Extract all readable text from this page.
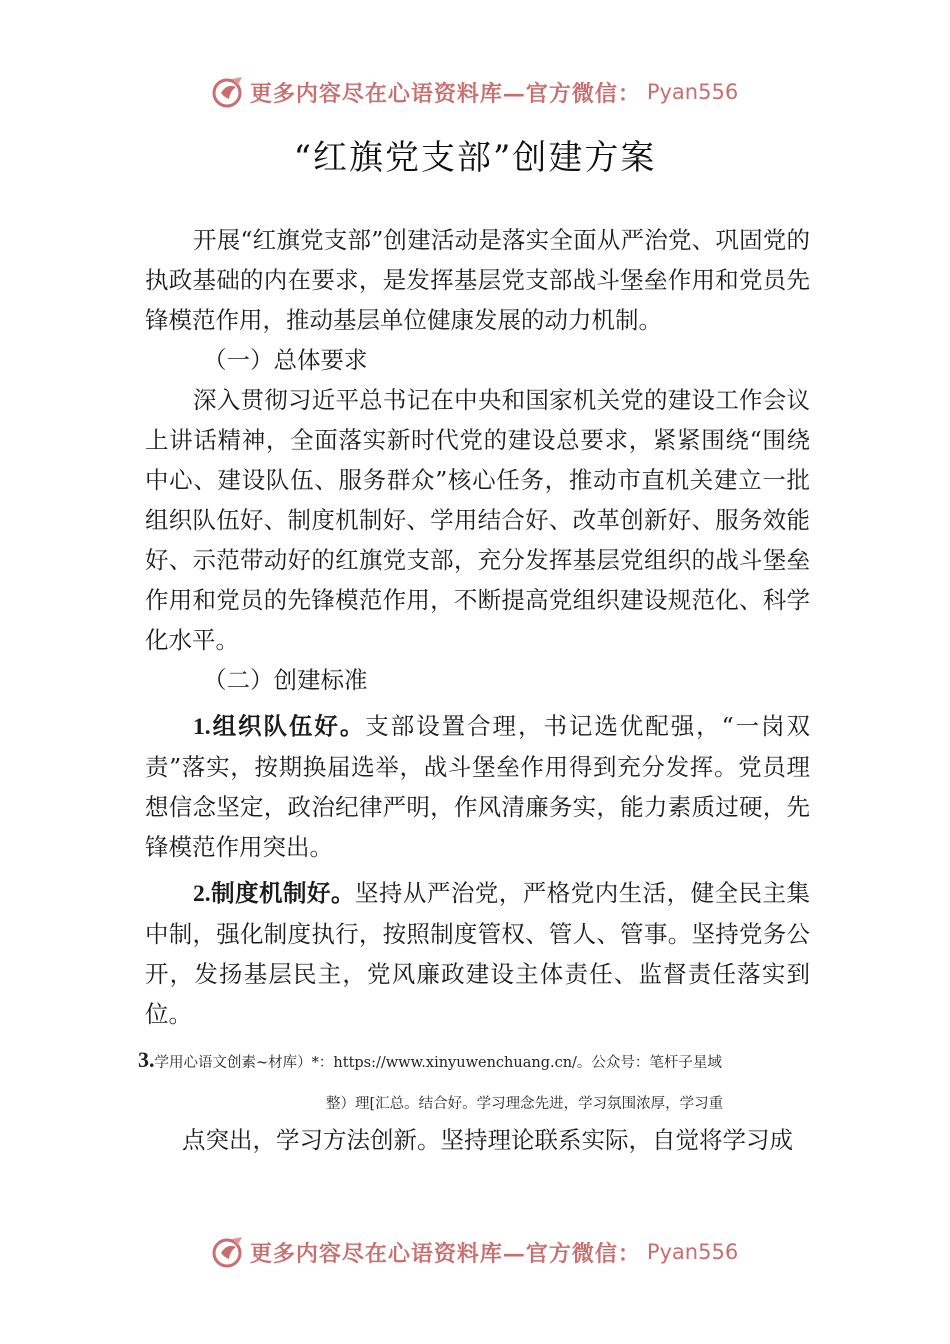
更多内容尽在心语资料库—官方微信： Pyan556
“红旗党支部”创建方案

开展“红旗党支部”创建活动是落实全面从严治党、巩固党的执政基础的内在要求，是发挥基层党支部战斗堡垒作用和党员先锋模范作用，推动基层单位健康发展的动力机制。

（一）总体要求

深入贯彻习近平总书记在中央和国家机关党的建设工作会议上讲话精神，全面落实新时代党的建设总要求，紧紧围绕“围绕中心、建设队伍、服务群众”核心任务，推动市直机关建立一批组织队伍好、制度机制好、学用结合好、改革创新好、服务效能好、示范带动好的红旗党支部，充分发挥基层党组织的战斗堡垒作用和党员的先锋模范作用，不断提高党组织建设规范化、科学化水平。

（二）创建标准

1.组织队伍好。支部设置合理，书记选优配强，“一岗双责”落实，按期换届选举，战斗堡垒作用得到充分发挥。党员理想信念坚定，政治纪律严明，作风清廉务实，能力素质过硬，先锋模范作用突出。

2.制度机制好。坚持从严治党，严格党内生活，健全民主集中制，强化制度执行，按照制度管权、管人、管事。坚持党务公开，发扬基层民主，党风廉政建设主体责任、监督责任落实到位。

3.学用心语文创素~材库）*：https://www.xinyuwenchuang.cn/。公众号：笔杆子星域
整）理[汇总。结合好。学习理念先进，学习氛围浓厚，学习重
点突出，学习方法创新。坚持理论联系实际，自觉将学习成
更多内容尽在心语资料库—官方微信： Pyan556
